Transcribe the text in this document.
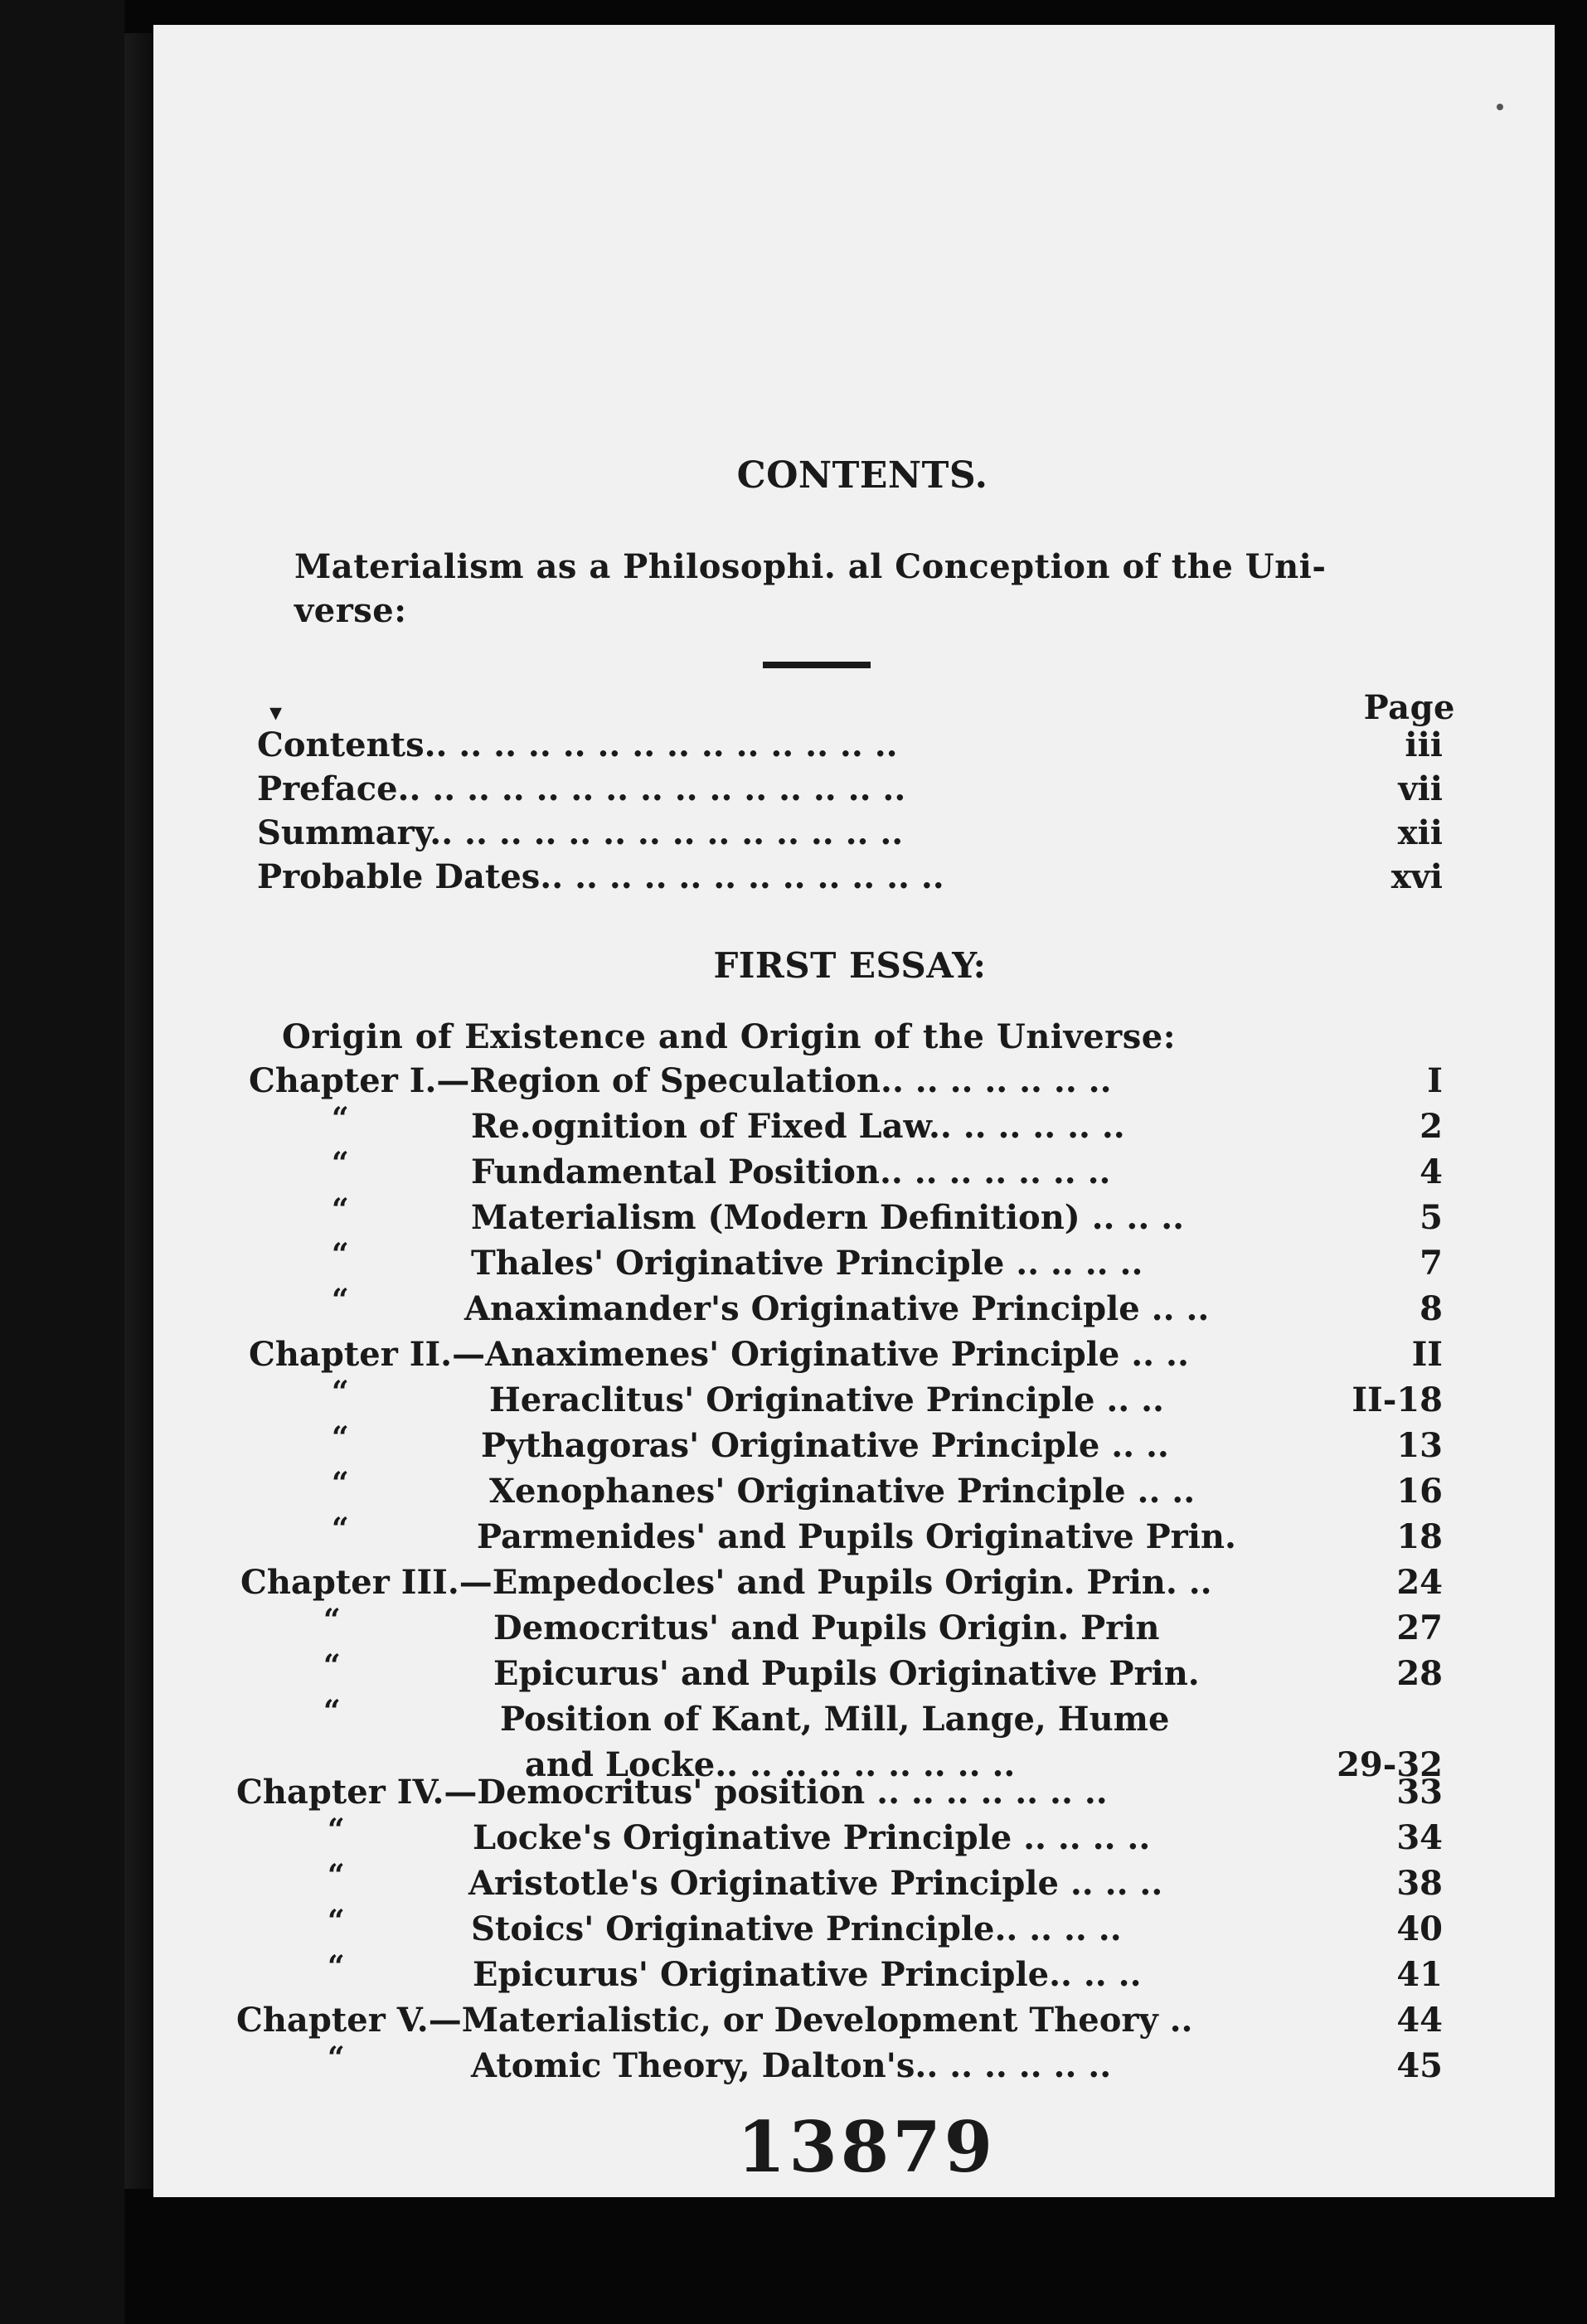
CONTENTS.
Materialism as a Philosophi. al Conception of the Uni-
verse:
▾	Page
Contents.. .. .. .. .. .. .. .. .. .. .. .. .. ..	iii
Preface.. .. .. .. .. .. .. .. .. .. .. .. .. .. ..	vii
Summary.. .. .. .. .. .. .. .. .. .. .. .. .. ..	xii
Probable Dates.. .. .. .. .. .. .. .. .. .. .. ..	xvi
FIRST ESSAY:
Origin of Existence and Origin of the Universe:
Chapter I.—Region of Speculation.. .. .. .. .. .. ..	I
“	Re.ognition of Fixed Law.. .. .. .. .. ..	2
“	Fundamental Position.. .. .. .. .. .. ..	4
“	Materialism (Modern Definition) .. .. ..	5
“	Thales' Originative Principle .. .. .. ..	7
“	Anaximander's Originative Principle .. ..	8
Chapter II.—Anaximenes' Originative Principle .. ..	II
“	Heraclitus' Originative Principle .. ..	II-18
“	Pythagoras' Originative Principle .. ..	13
“	Xenophanes' Originative Principle .. ..	16
“	Parmenides' and Pupils Originative Prin.	18
Chapter III.—Empedocles' and Pupils Origin. Prin. ..	24
“	Democritus' and Pupils Origin. Prin	27
“	Epicurus' and Pupils Originative Prin.	28
“	Position of Kant, Mill, Lange, Hume
and Locke.. .. .. .. .. .. .. .. ..	29-32
Chapter IV.—Democritus' position .. .. .. .. .. .. ..	33
“	Locke's Originative Principle .. .. .. ..	34
“	Aristotle's Originative Principle .. .. ..	38
“	Stoics' Originative Principle.. .. .. ..	40
“	Epicurus' Originative Principle.. .. ..	41
Chapter V.—Materialistic, or Development Theory ..	44
“	Atomic Theory, Dalton's.. .. .. .. .. ..	45
13879
